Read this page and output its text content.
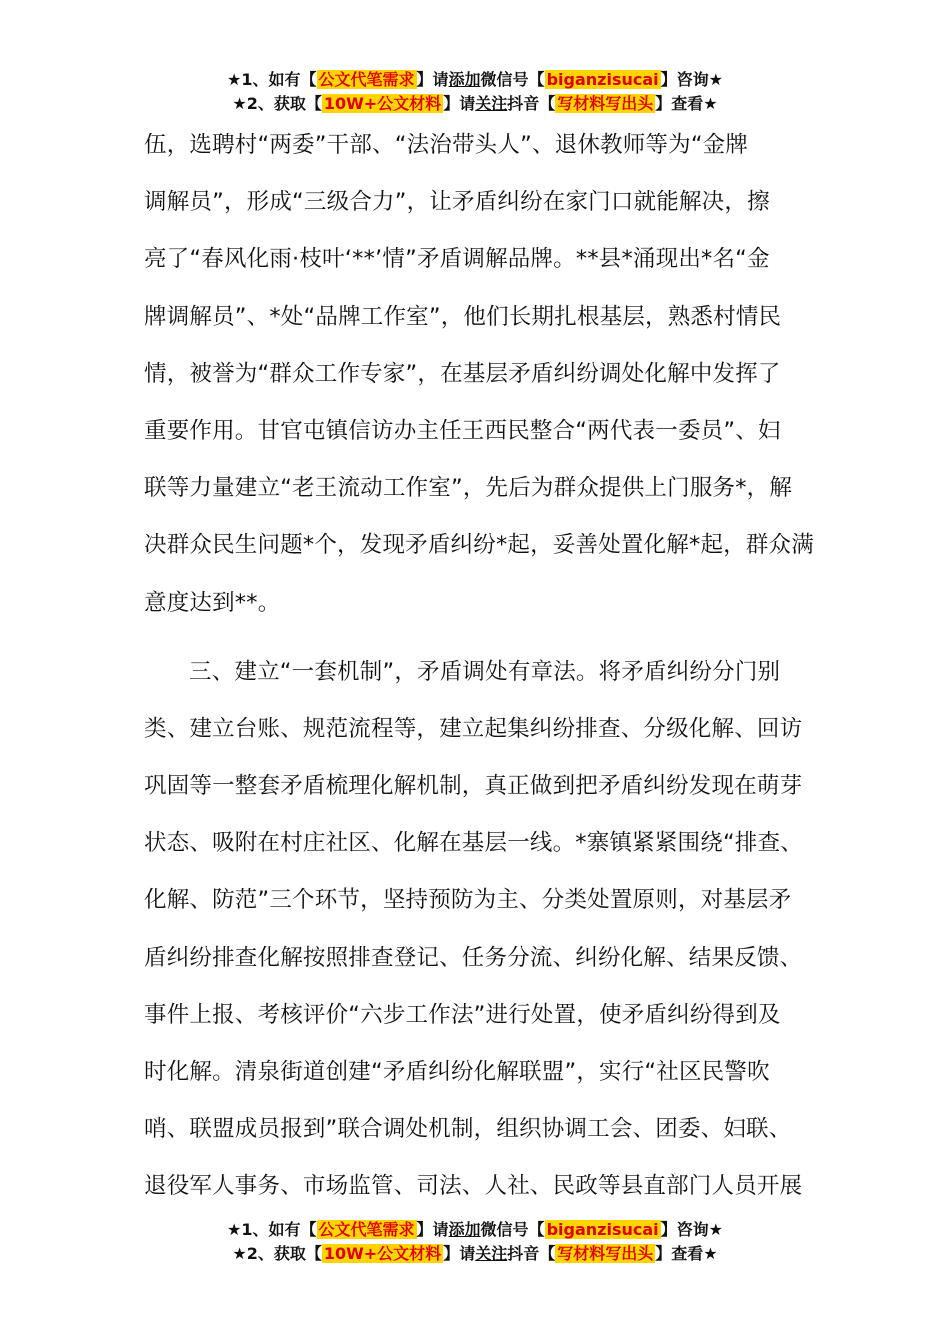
★1、如有【 公文代笔需求 】请添加微信号【 biganzisucai 】咨询★
★2、获取【 10W+公文材料 】请关注抖音【 写材料写出头 】查看★
伍，选聘村“两委”干部、“法治带头人”、退休教师等为“金牌
调解员”，形成“三级合力”，让矛盾纠纷在家门口就能解决，擦
亮了“春风化雨·枝叶‘**’情”矛盾调解品牌。**县*涌现出*名“金
牌调解员”、*处“品牌工作室”，他们长期扎根基层，熟悉村情民
情，被誉为“群众工作专家”，在基层矛盾纠纷调处化解中发挥了
重要作用。甘官屯镇信访办主任王西民整合“两代表一委员”、妇
联等力量建立“老王流动工作室”，先后为群众提供上门服务*，解
决群众民生问题*个，发现矛盾纠纷*起，妥善处置化解*起，群众满
意度达到**。
三、建立“一套机制”，矛盾调处有章法。将矛盾纠纷分门别
类、建立台账、规范流程等，建立起集纠纷排查、分级化解、回访
巩固等一整套矛盾梳理化解机制，真正做到把矛盾纠纷发现在萌芽
状态、吸附在村庄社区、化解在基层一线。*寨镇紧紧围绕“排查、
化解、防范”三个环节，坚持预防为主、分类处置原则，对基层矛
盾纠纷排查化解按照排查登记、任务分流、纠纷化解、结果反馈、
事件上报、考核评价“六步工作法”进行处置，使矛盾纠纷得到及
时化解。清泉街道创建“矛盾纠纷化解联盟”，实行“社区民警吹
哨、联盟成员报到”联合调处机制，组织协调工会、团委、妇联、
退役军人事务、市场监管、司法、人社、民政等县直部门人员开展
★1、如有【 公文代笔需求 】请添加微信号【 biganzisucai 】咨询★
★2、获取【 10W+公文材料 】请关注抖音【 写材料写出头 】查看★
